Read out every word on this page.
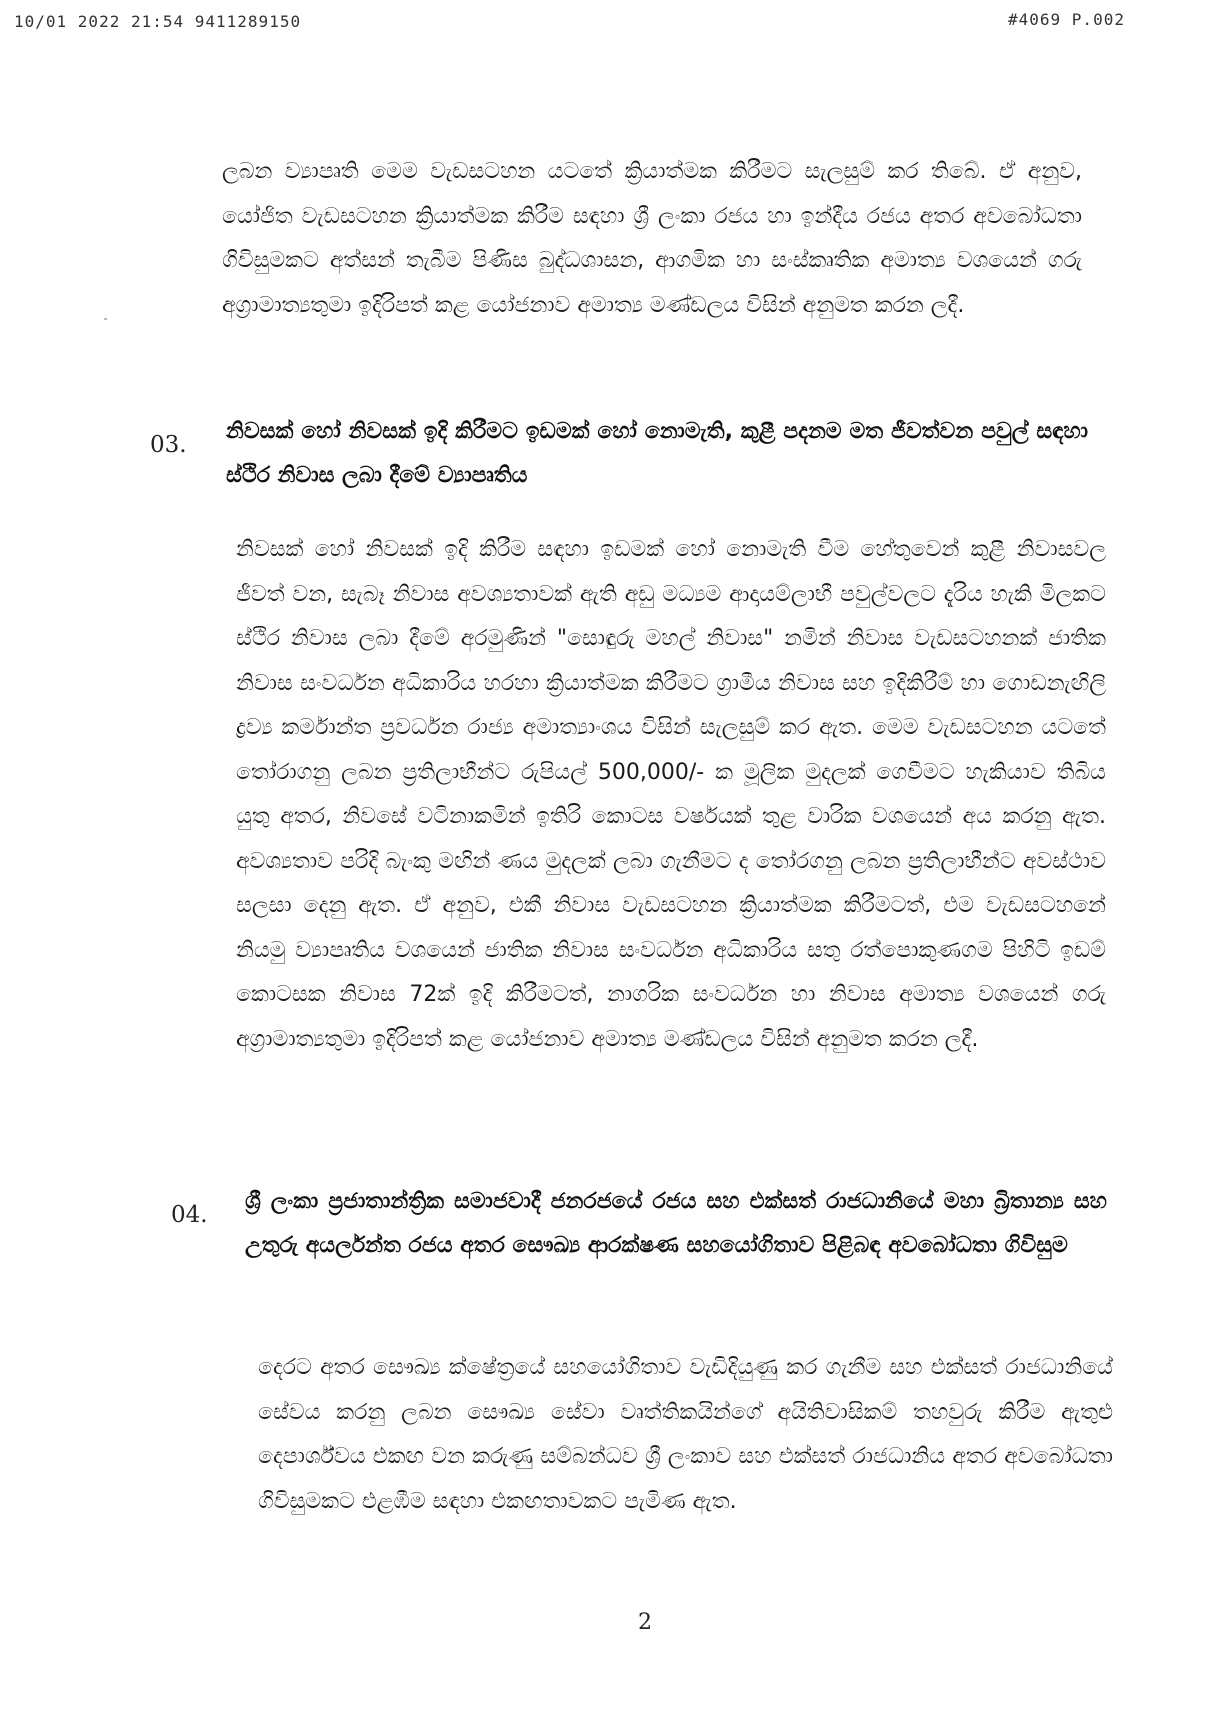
10/01 2022 21:54 9411289150	#4069 P.002

ලබන ව්‍යාපෘති මෙම වැඩසටහන යටතේ ක්‍රියාත්මක කිරීමට සැලසුම් කර තිබේ. ඒ අනුව, යෝජිත වැඩසටහන ක්‍රියාත්මක කිරීම සඳහා ශ්‍රී ලංකා රජය හා ඉන්දීය රජය අතර අවබෝධතා ගිවිසුමකට අත්සන් තැබීම පිණිස බුද්ධශාසන, ආගමික හා සංස්කෘතික අමාත්‍ය වශයෙන් ගරු අග්‍රාමාත්‍යතුමා ඉදිරිපත් කළ යෝජනාව අමාත්‍ය මණ්ඩලය විසින් අනුමත කරන ලදී.

03.

නිවසක් හෝ නිවසක් ඉදි කිරීමට ඉඩමක් හෝ නොමැති, කුළී පදනම මත ජීවත්වන පවුල් සඳහා ස්ථිර නිවාස ලබා දීමේ ව්‍යාපෘතිය

නිවසක් හෝ නිවසක් ඉදි කිරීම සඳහා ඉඩමක් හෝ නොමැති වීම හේතුවෙන් කුළී නිවාසවල ජීවත් වන, සැබෑ නිවාස අවශ්‍යතාවක් ඇති අඩු මධ්‍යම ආදායම්ලාභී පවුල්වලට දැරිය හැකි මිලකට ස්ථිර නිවාස ලබා දීමේ අරමුණින් "සොඳුරු මහල් නිවාස" නමින් නිවාස වැඩසටහනක් ජාතික නිවාස සංවර්ධන අධිකාරිය හරහා ක්‍රියාත්මක කිරීමට ග්‍රාමීය නිවාස සහ ඉදිකිරීම් හා ගොඩනැඟිලි ද්‍රව්‍ය කර්මාන්ත ප්‍රවර්ධන රාජ්‍ය අමාත්‍යාංශය විසින් සැලසුම් කර ඇත. මෙම වැඩසටහන යටතේ තෝරාගනු ලබන ප්‍රතිලාභීන්ට රුපියල් 500,000/- ක මූලික මුදලක් ගෙවීමට හැකියාව තිබිය යුතු අතර, නිවසේ වටිනාකමින් ඉතිරි කොටස වර්ෂයක් තුළ වාරික වශයෙන් අය කරනු ඇත. අවශ්‍යතාව පරිදි බැංකු මඟින් ණය මුදලක් ලබා ගැනීමට ද තෝරගනු ලබන ප්‍රතිලාභීන්ට අවස්ථාව සලසා දෙනු ඇත. ඒ අනුව, එකී නිවාස වැඩසටහන ක්‍රියාත්මක කිරීමටත්, එම වැඩසටහනේ නියමු ව්‍යාපෘතිය වශයෙන් ජාතික නිවාස සංවර්ධන අධිකාරිය සතු රත්පොකුණගම පිහිටි ඉඩම් කොටසක නිවාස 72ක් ඉදි කිරීමටත්, නාගරික සංවර්ධන හා නිවාස අමාත්‍ය වශයෙන් ගරු අග්‍රාමාත්‍යතුමා ඉදිරිපත් කළ යෝජනාව අමාත්‍ය මණ්ඩලය විසින් අනුමත කරන ලදී.

04.

ශ්‍රී ලංකා ප්‍රජාතාන්ත්‍රික සමාජවාදී ජනරජයේ රජය සහ එක්සත් රාජධානියේ මහා බ්‍රිතාන්‍ය සහ උතුරු අයර්ලන්ත රජය අතර සෞඛ්‍ය ආරක්ෂණ සහයෝගිතාව පිළිබඳ අවබෝධතා ගිවිසුම

දෙරට අතර සෞඛ්‍ය ක්ෂේත්‍රයේ සහයෝගිතාව වැඩිදියුණු කර ගැනීම සහ එක්සත් රාජධානියේ සේවය කරනු ලබන සෞඛ්‍ය සේවා වෘත්තිකයින්ගේ අයිතිවාසිකම් තහවුරු කිරීම ඇතුළු දෙපාර්ශ්වය එකඟ වන කරුණු සම්බන්ධව ශ්‍රී ලංකාව සහ එක්සත් රාජධානිය අතර අවබෝධතා ගිවිසුමකට එළඹීම සඳහා එකඟතාවකට පැමිණ ඇත.

2
